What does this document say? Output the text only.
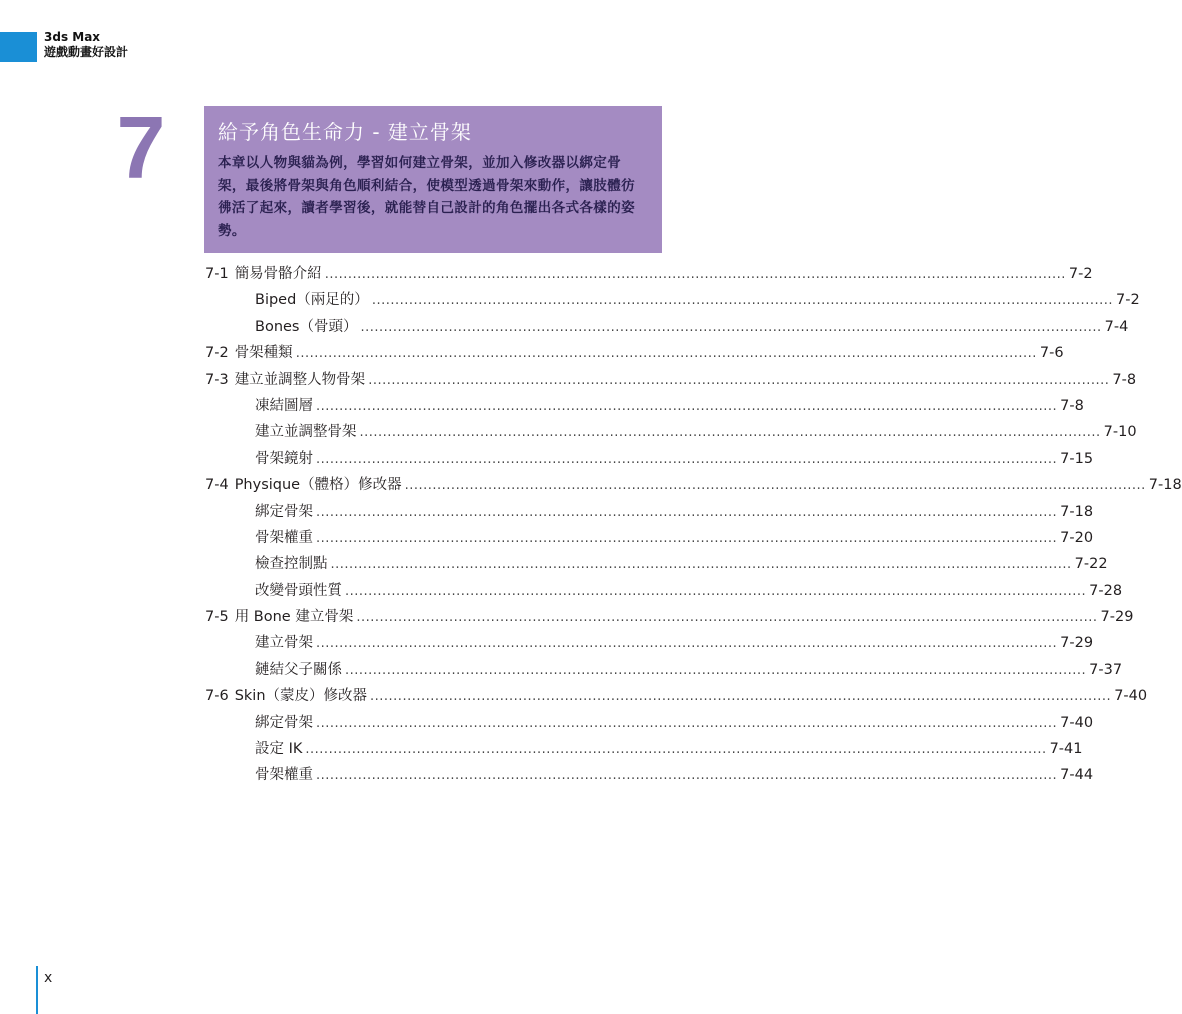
3ds Max
遊戲動畫好設計
7	給予角色生命力 - 建立骨架
本章以人物與貓為例，學習如何建立骨架，並加入修改器以綁定骨架，最後將骨架與角色順利結合，使模型透過骨架來動作，讓肢體彷彿活了起來，讀者學習後，就能替自己設計的角色擺出各式各樣的姿勢。
7-1 簡易骨骼介紹 ................................................................................................................................................................ 7-2
Biped（兩足的） ................................................................................................................................................................ 7-2
Bones（骨頭） ................................................................................................................................................................ 7-4
7-2 骨架種類 ................................................................................................................................................................ 7-6
7-3 建立並調整人物骨架 ................................................................................................................................................................ 7-8
凍結圖層 ................................................................................................................................................................ 7-8
建立並調整骨架 ................................................................................................................................................................ 7-10
骨架鏡射 ................................................................................................................................................................ 7-15
7-4 Physique（體格）修改器 ................................................................................................................................................................ 7-18
綁定骨架 ................................................................................................................................................................ 7-18
骨架權重 ................................................................................................................................................................ 7-20
檢查控制點 ................................................................................................................................................................ 7-22
改變骨頭性質 ................................................................................................................................................................ 7-28
7-5 用 Bone 建立骨架 ................................................................................................................................................................ 7-29
建立骨架 ................................................................................................................................................................ 7-29
鏈結父子關係 ................................................................................................................................................................ 7-37
7-6 Skin（蒙皮）修改器 ................................................................................................................................................................ 7-40
綁定骨架 ................................................................................................................................................................ 7-40
設定 IK ................................................................................................................................................................ 7-41
骨架權重 ................................................................................................................................................................ 7-44
x
